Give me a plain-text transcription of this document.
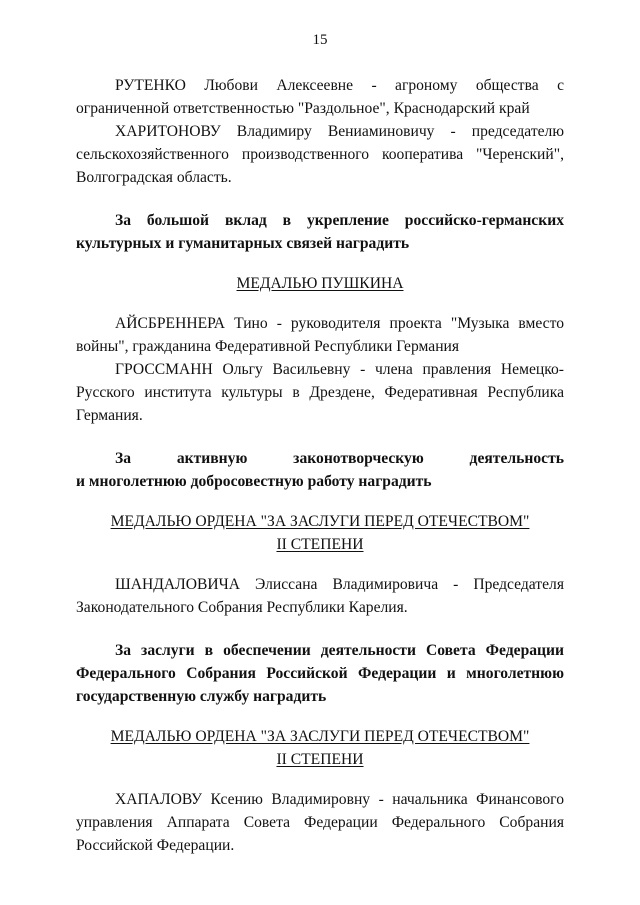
15

РУТЕНКО Любови Алексеевне - агроному общества с ограниченной ответственностью "Раздольное", Краснодарский край

ХАРИТОНОВУ Владимиру Вениаминовичу - председателю сельскохозяйственного производственного кооператива "Черенский", Волгоградская область.

За большой вклад в укрепление российско-германских культурных и гуманитарных связей наградить

МЕДАЛЬЮ ПУШКИНА

АЙСБРЕННЕРА Тино - руководителя проекта "Музыка вместо войны", гражданина Федеративной Республики Германия

ГРОССМАНН Ольгу Васильевну - члена правления Немецко-Русского института культуры в Дрездене, Федеративная Республика Германия.

За активную законотворческую деятельность

и многолетнюю добросовестную работу наградить

МЕДАЛЬЮ ОРДЕНА "ЗА ЗАСЛУГИ ПЕРЕД ОТЕЧЕСТВОМ"

II СТЕПЕНИ

ШАНДАЛОВИЧА Элиссана Владимировича - Председателя Законодательного Собрания Республики Карелия.

За заслуги в обеспечении деятельности Совета Федерации Федерального Собрания Российской Федерации и многолетнюю государственную службу наградить

МЕДАЛЬЮ ОРДЕНА "ЗА ЗАСЛУГИ ПЕРЕД ОТЕЧЕСТВОМ"

II СТЕПЕНИ

ХАПАЛОВУ Ксению Владимировну - начальника Финансового управления Аппарата Совета Федерации Федерального Собрания Российской Федерации.
